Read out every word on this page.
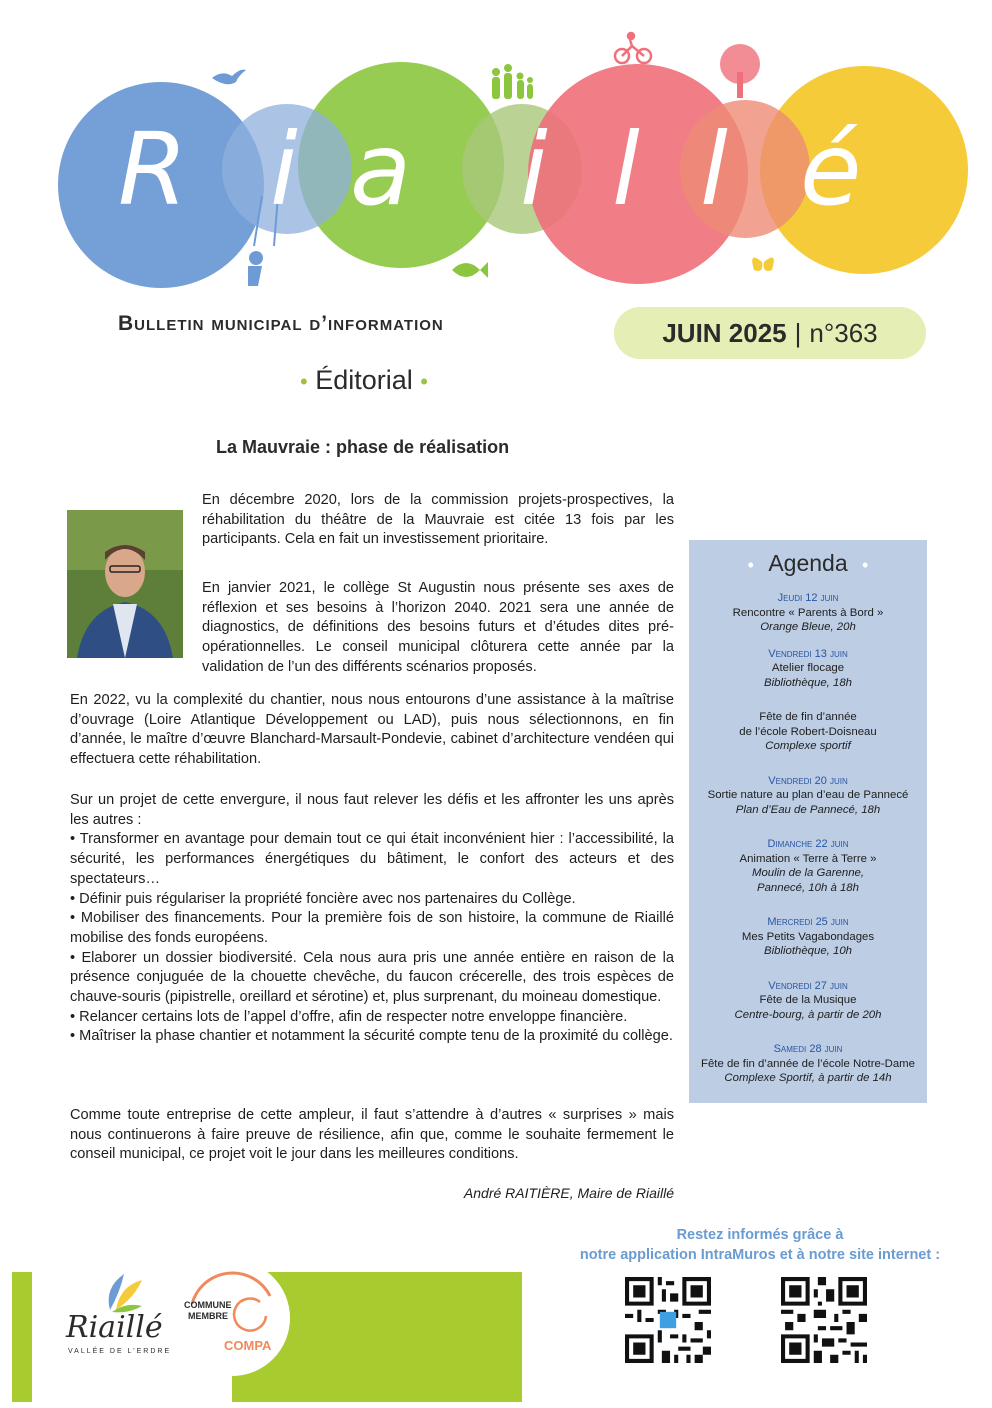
R i a i l l é
Bulletin municipal d’information	JUIN 2025 | n°363
• Éditorial •
La Mauvraie : phase de réalisation
En décembre 2020, lors de la commission projets-prospectives, la réhabilitation du théâtre de la Mauvraie est citée 13 fois par les participants. Cela en fait un investissement prioritaire.
En janvier 2021, le collège St Augustin nous présente ses axes de réflexion et ses besoins à l’horizon 2040. 2021 sera une année de diagnostics, de définitions des besoins futurs et d’études dites pré-opérationnelles. Le conseil municipal clôturera cette année par la validation de l’un des différents scénarios proposés.
En 2022, vu la complexité du chantier, nous nous entourons d’une assistance à la maîtrise d’ouvrage (Loire Atlantique Développement ou LAD), puis nous sélectionnons, en fin d’année, le maître d’œuvre Blanchard-Marsault-Pondevie, cabinet d’architecture vendéen qui effectuera cette réhabilitation.
Sur un projet de cette envergure, il nous faut relever les défis et les affronter les uns après les autres :
• Transformer en avantage pour demain tout ce qui était inconvénient hier : l’accessibilité, la sécurité, les performances énergétiques du bâtiment, le confort des acteurs et des spectateurs…
• Définir puis régulariser la propriété foncière avec nos partenaires du Collège.
• Mobiliser des financements. Pour la première fois de son histoire, la commune de Riaillé mobilise des fonds européens.
• Elaborer un dossier biodiversité. Cela nous aura pris une année entière en raison de la présence conjuguée de la chouette chevêche, du faucon crécerelle, des trois espèces de chauve-souris (pipistrelle, oreillard et sérotine) et, plus surprenant, du moineau domestique.
• Relancer certains lots de l’appel d’offre, afin de respecter notre enveloppe financière.
• Maîtriser la phase chantier et notamment la sécurité compte tenu de la proximité du collège.
Comme toute entreprise de cette ampleur, il faut s’attendre à d’autres « surprises » mais nous continuerons à faire preuve de résilience, afin que, comme le souhaite fermement le conseil municipal, ce projet voit le jour dans les meilleures conditions.
André RAITIÈRE, Maire de Riaillé
• Agenda •
Jeudi 12 juin
Rencontre « Parents à Bord »
Orange Bleue, 20h
Vendredi 13 juin
Atelier flocage
Bibliothèque, 18h
Fête de fin d’année
de l’école Robert-Doisneau
Complexe sportif
Vendredi 20 juin
Sortie nature au plan d’eau de Pannecé
Plan d’Eau de Pannecé, 18h
Dimanche 22 juin
Animation « Terre à Terre »
Moulin de la Garenne,
Pannecé, 10h à 18h
Mercredi 25 juin
Mes Petits Vagabondages
Bibliothèque, 10h
Vendredi 27 juin
Fête de la Musique
Centre-bourg, à partir de 20h
Samedi 28 juin
Fête de fin d’année de l’école Notre-Dame
Complexe Sportif, à partir de 14h
Riaillé
VALLÉE DE L’ERDRE
COMMUNE
MEMBRE
COMPA
Restez informés grâce à
notre application IntraMuros et à notre site internet :
